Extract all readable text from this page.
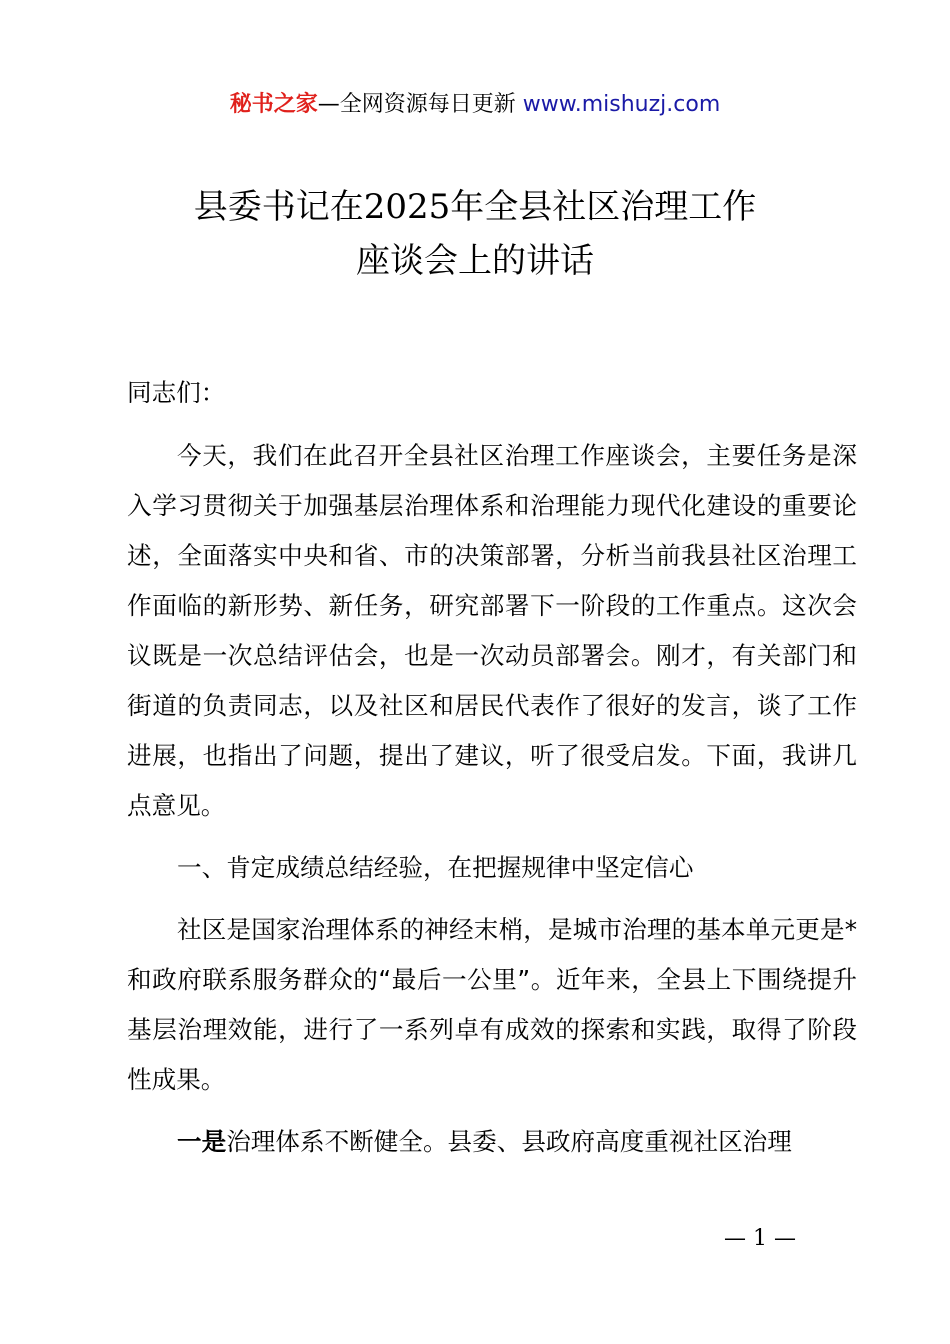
秘书之家—全网资源每日更新 www.mishuzj.com
县委书记在2025年全县社区治理工作
座谈会上的讲话
同志们：
今天，我们在此召开全县社区治理工作座谈会，主要任务是深入学习贯彻关于加强基层治理体系和治理能力现代化建设的重要论述，全面落实中央和省、市的决策部署，分析当前我县社区治理工作面临的新形势、新任务，研究部署下一阶段的工作重点。这次会议既是一次总结评估会，也是一次动员部署会。刚才，有关部门和街道的负责同志，以及社区和居民代表作了很好的发言，谈了工作进展，也指出了问题，提出了建议，听了很受启发。下面，我讲几点意见。
一、肯定成绩总结经验，在把握规律中坚定信心
社区是国家治理体系的神经末梢，是城市治理的基本单元更是*和政府联系服务群众的“最后一公里”。近年来，全县上下围绕提升基层治理效能，进行了一系列卓有成效的探索和实践，取得了阶段性成果。
一是治理体系不断健全。县委、县政府高度重视社区治理
— 1 —
